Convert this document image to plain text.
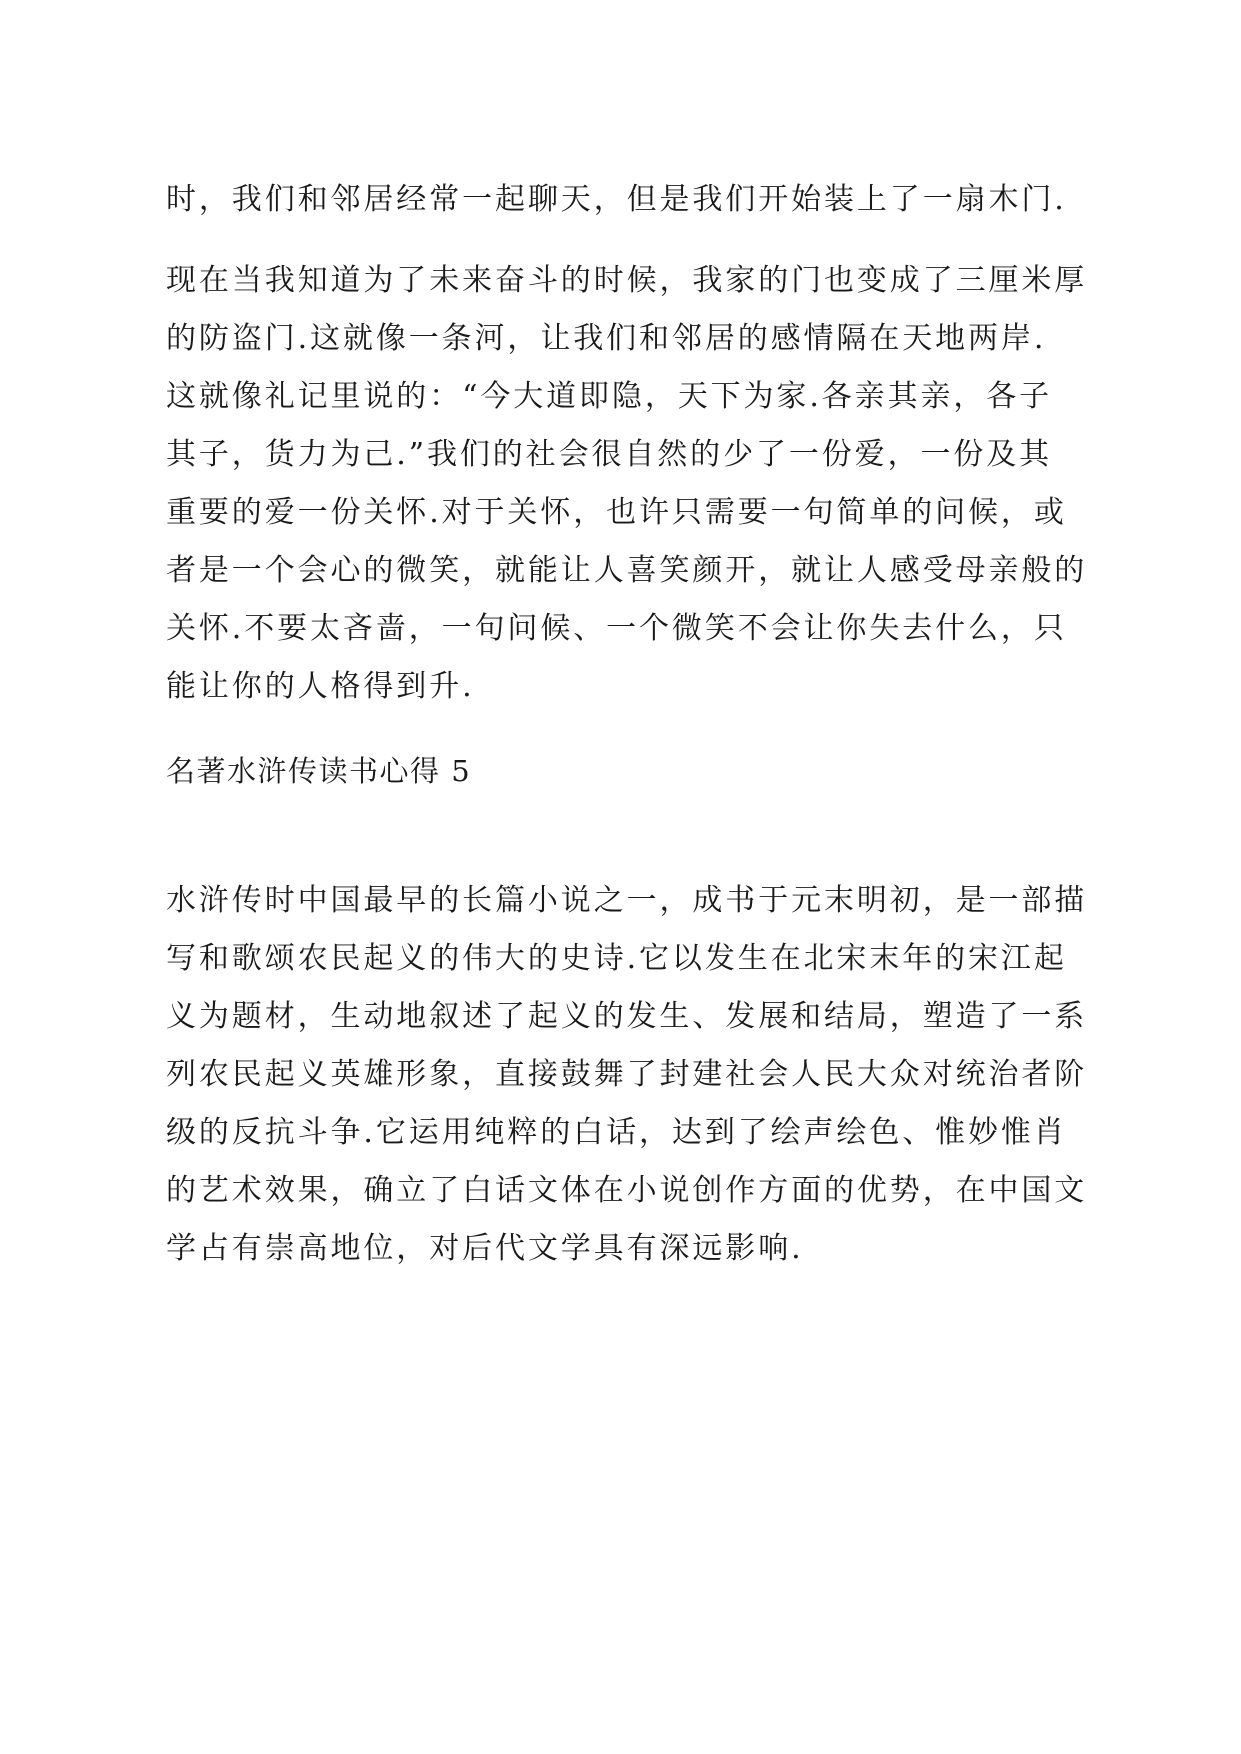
时，我们和邻居经常一起聊天，但是我们开始装上了一扇木门.
现在当我知道为了未来奋斗的时候，我家的门也变成了三厘米厚
的防盗门.这就像一条河，让我们和邻居的感情隔在天地两岸.
这就像礼记里说的：“今大道即隐，天下为家.各亲其亲，各子
其子，货力为己.”我们的社会很自然的少了一份爱，一份及其
重要的爱一份关怀.对于关怀，也许只需要一句简单的问候，或
者是一个会心的微笑，就能让人喜笑颜开，就让人感受母亲般的
关怀.不要太吝啬，一句问候、一个微笑不会让你失去什么，只
能让你的人格得到升.
名著水浒传读书心得 5
水浒传时中国最早的长篇小说之一，成书于元末明初，是一部描
写和歌颂农民起义的伟大的史诗.它以发生在北宋末年的宋江起
义为题材，生动地叙述了起义的发生、发展和结局，塑造了一系
列农民起义英雄形象，直接鼓舞了封建社会人民大众对统治者阶
级的反抗斗争.它运用纯粹的白话，达到了绘声绘色、惟妙惟肖
的艺术效果，确立了白话文体在小说创作方面的优势，在中国文
学占有崇高地位，对后代文学具有深远影响.
